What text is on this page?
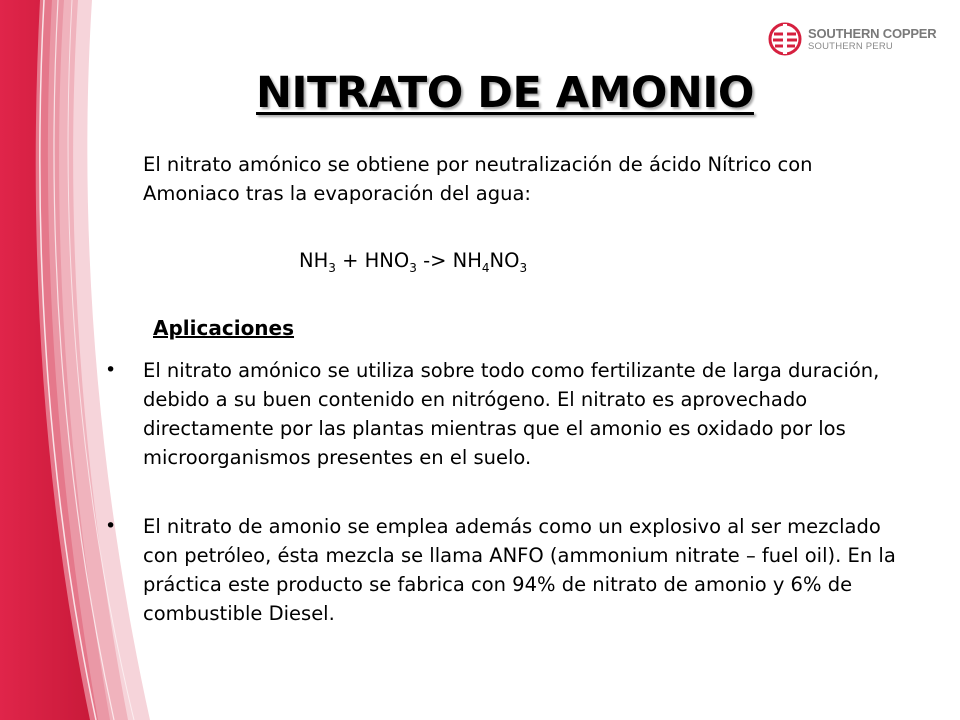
SOUTHERN COPPER
SOUTHERN PERU
NITRATO DE AMONIO

El nitrato amónico se obtiene por neutralización de ácido Nítrico con Amoniaco tras la evaporación del agua:

$NH_3 + HNO_3 -> NH_4NO_3$

Aplicaciones

• El nitrato amónico se utiliza sobre todo como fertilizante de larga duración, debido a su buen contenido en nitrógeno. El nitrato es aprovechado directamente por las plantas mientras que el amonio es oxidado por los microorganismos presentes en el suelo.

• El nitrato de amonio se emplea además como un explosivo al ser mezclado con petróleo, ésta mezcla se llama ANFO (ammonium nitrate – fuel oil). En la práctica este producto se fabrica con 94% de nitrato de amonio y 6% de combustible Diesel.
